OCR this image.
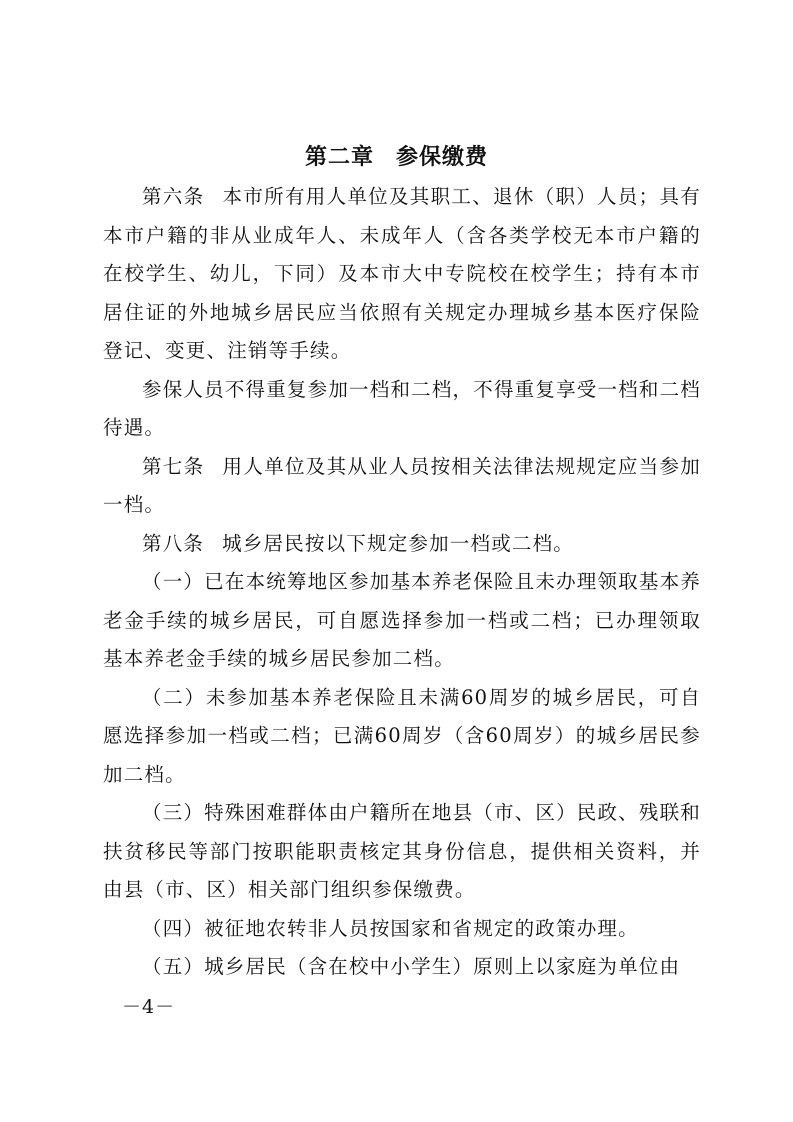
第二章 参保缴费

第六条 本市所有用人单位及其职工、退休（职）人员；具有本市户籍的非从业成年人、未成年人（含各类学校无本市户籍的在校学生、幼儿，下同）及本市大中专院校在校学生；持有本市居住证的外地城乡居民应当依照有关规定办理城乡基本医疗保险登记、变更、注销等手续。

参保人员不得重复参加一档和二档，不得重复享受一档和二档待遇。

第七条 用人单位及其从业人员按相关法律法规规定应当参加一档。

第八条 城乡居民按以下规定参加一档或二档。

（一）已在本统筹地区参加基本养老保险且未办理领取基本养老金手续的城乡居民，可自愿选择参加一档或二档；已办理领取基本养老金手续的城乡居民参加二档。

（二）未参加基本养老保险且未满60周岁的城乡居民，可自愿选择参加一档或二档；已满60周岁（含60周岁）的城乡居民参加二档。

（三）特殊困难群体由户籍所在地县（市、区）民政、残联和扶贫移民等部门按职能职责核定其身份信息，提供相关资料，并由县（市、区）相关部门组织参保缴费。

（四）被征地农转非人员按国家和省规定的政策办理。

（五）城乡居民（含在校中小学生）原则上以家庭为单位由

－4－
